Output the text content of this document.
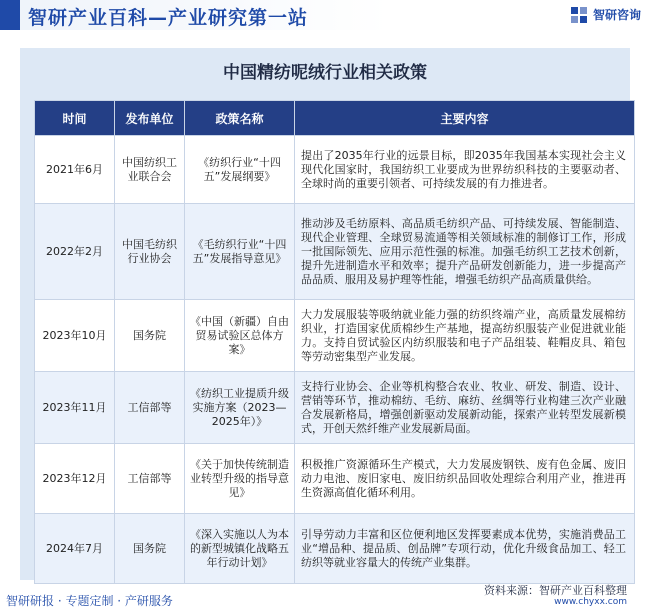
智研产业百科—产业研究第一站	智研咨询
中国精纺呢绒行业相关政策
时间	发布单位	政策名称	主要内容
2021年6月	中国纺织工业联合会	《纺织行业“十四五”发展纲要》	提出了2035年行业的远景目标，即2035年我国基本实现社会主义现代化国家时，我国纺织工业要成为世界纺织科技的主要驱动者、全球时尚的重要引领者、可持续发展的有力推进者。
2022年2月	中国毛纺织行业协会	《毛纺织行业“十四五”发展指导意见》	推动涉及毛纺原料、高品质毛纺织产品、可持续发展、智能制造、现代企业管理、全球贸易流通等相关领域标准的制修订工作，形成一批国际领先、应用示范性强的标准。加强毛纺织工艺技术创新，提升先进制造水平和效率；提升产品研发创新能力，进一步提高产品品质、服用及易护理等性能，增强毛纺织产品高质量供给。
2023年10月	国务院	《中国（新疆）自由贸易试验区总体方案》	大力发展服装等吸纳就业能力强的纺织终端产业，高质量发展棉纺织业，打造国家优质棉纱生产基地，提高纺织服装产业促进就业能力。支持自贸试验区内纺织服装和电子产品组装、鞋帽皮具、箱包等劳动密集型产业发展。
2023年11月	工信部等	《纺织工业提质升级实施方案（2023—2025年）》	支持行业协会、企业等机构整合农业、牧业、研发、制造、设计、营销等环节，推动棉纺、毛纺、麻纺、丝绸等行业构建三次产业融合发展新格局，增强创新驱动发展新动能，探索产业转型发展新模式，开创天然纤维产业发展新局面。
2023年12月	工信部等	《关于加快传统制造业转型升级的指导意见》	积极推广资源循环生产模式，大力发展废钢铁、废有色金属、废旧动力电池、废旧家电、废旧纺织品回收处理综合利用产业，推进再生资源高值化循环利用。
2024年7月	国务院	《深入实施以人为本的新型城镇化战略五年行动计划》	引导劳动力丰富和区位便利地区发挥要素成本优势，实施消费品工业“增品种、提品质、创品牌”专项行动，优化升级食品加工、轻工纺织等就业容量大的传统产业集群。
智研研报 · 专题定制 · 产研服务
资料来源：智研产业百科整理
www.chyxx.com
